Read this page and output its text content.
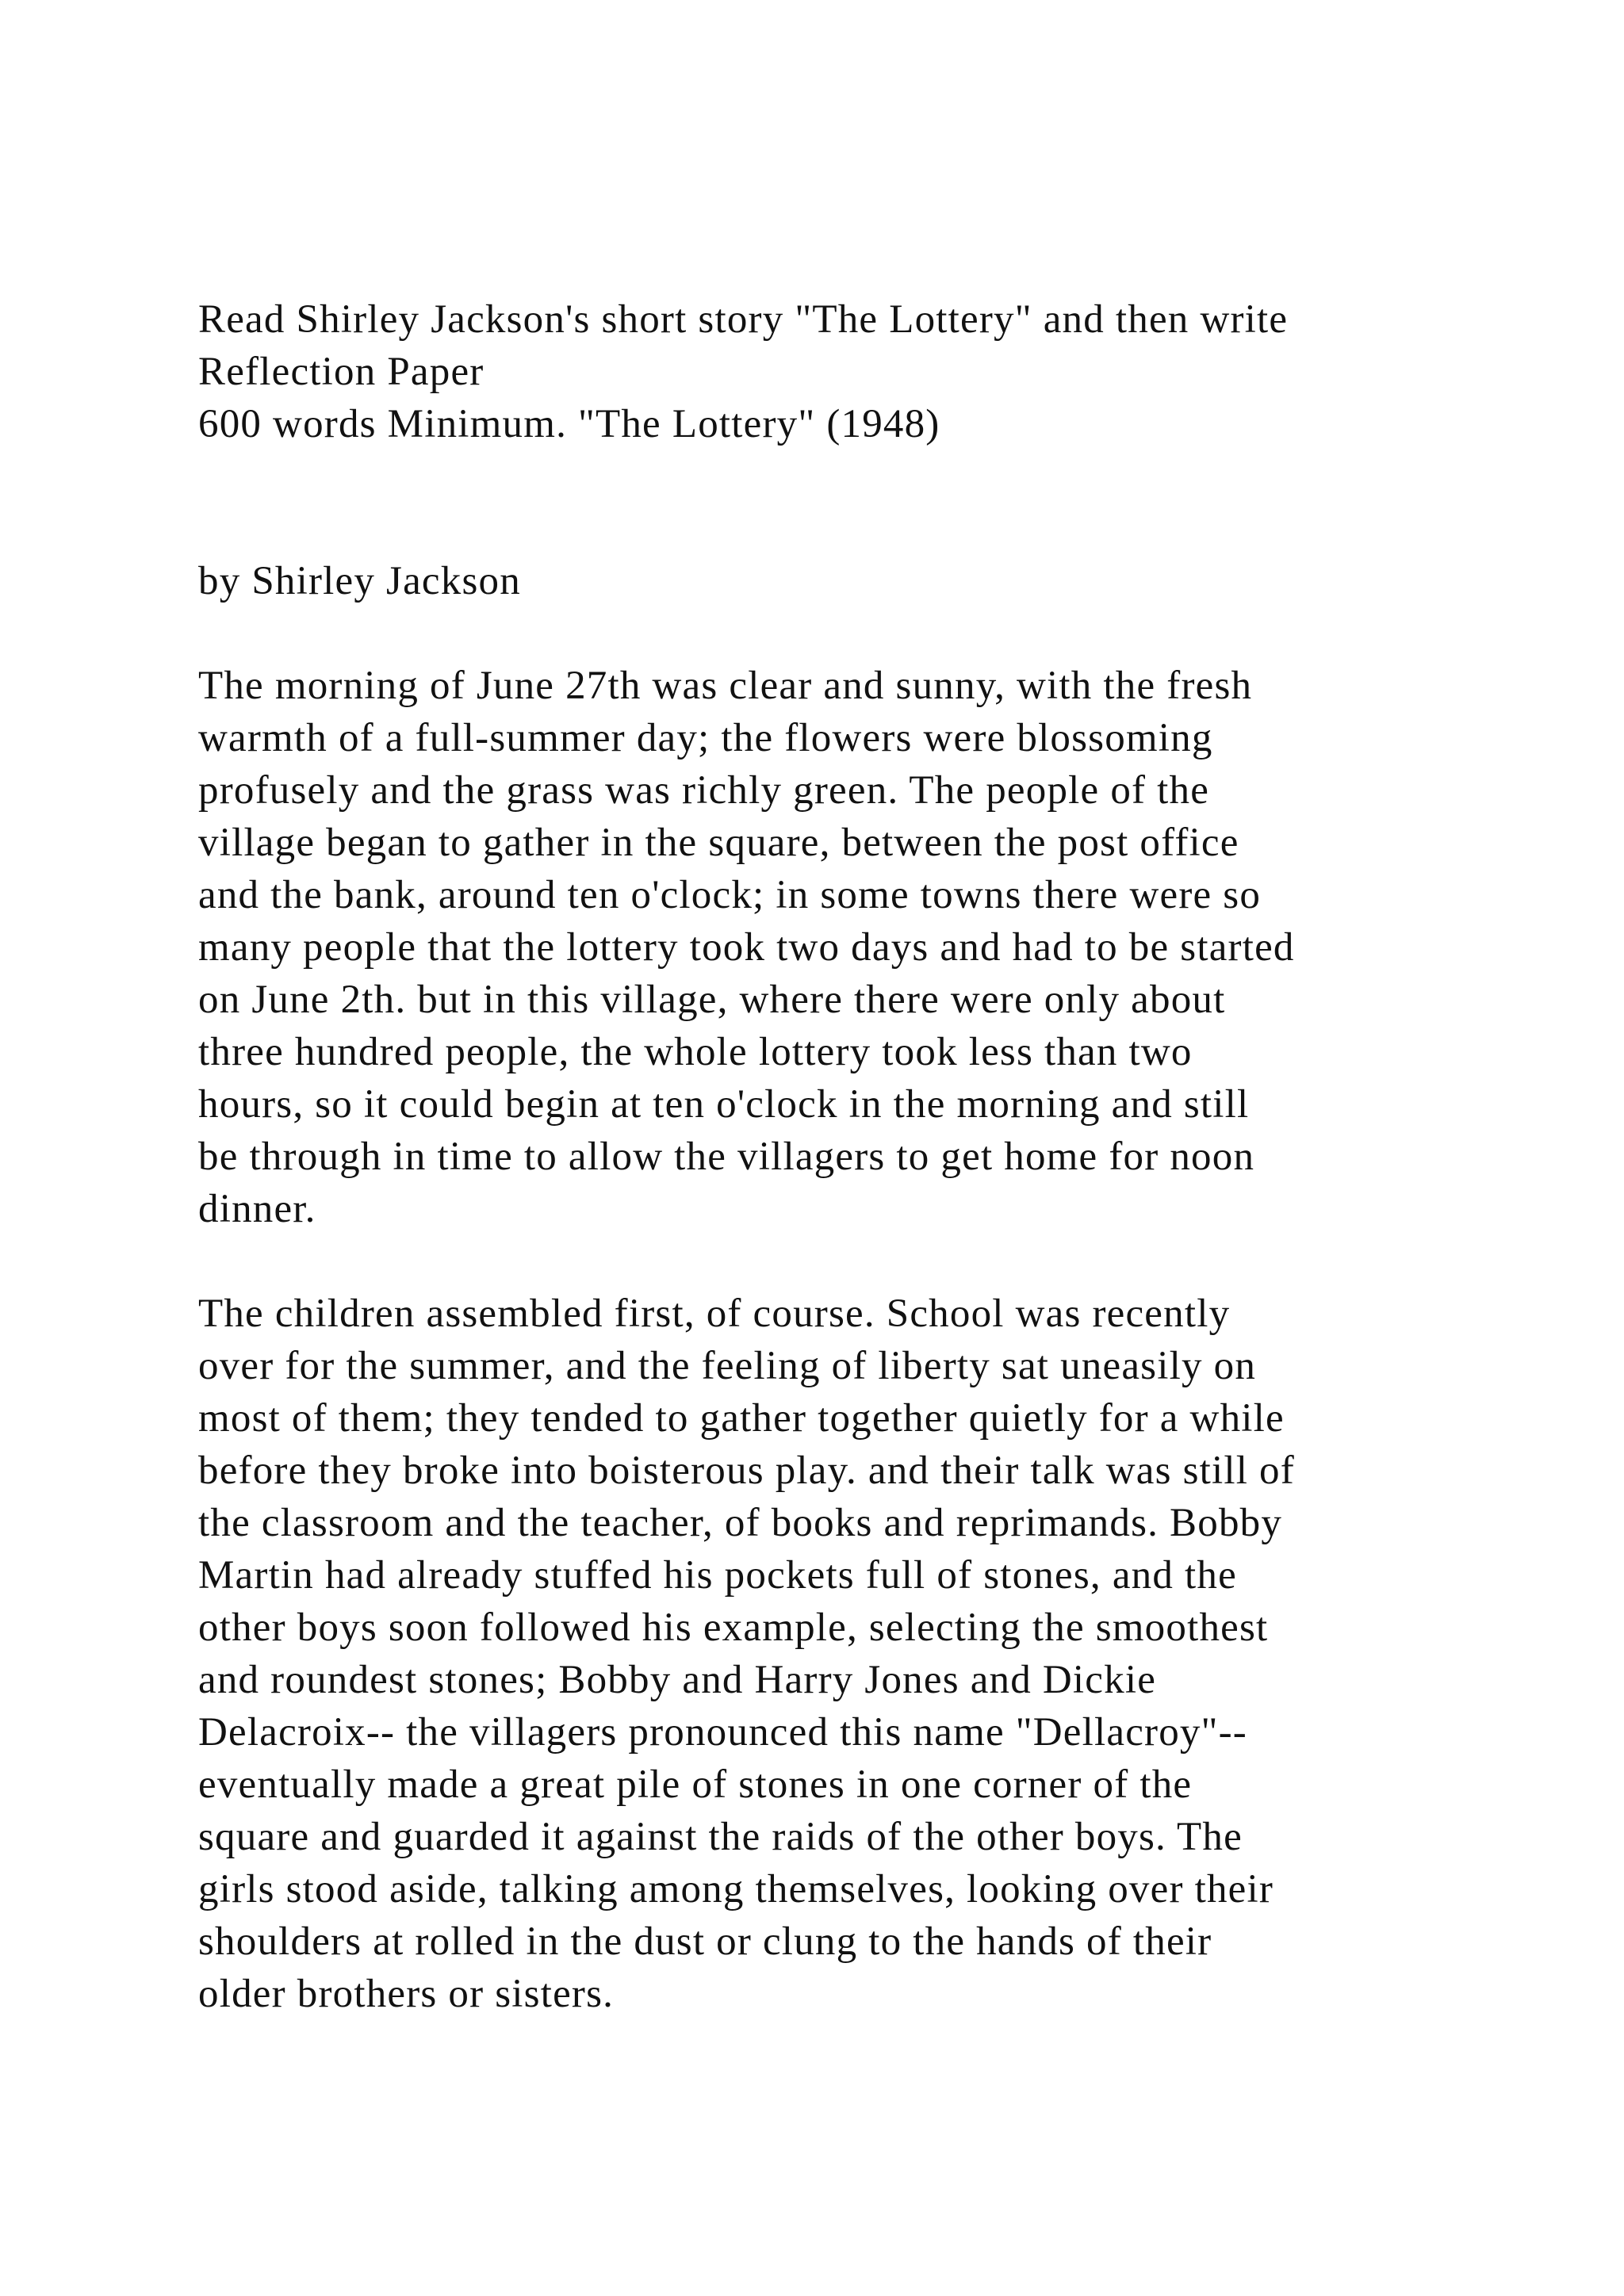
Read Shirley Jackson's short story "The Lottery" and then write
Reflection Paper
600 words Minimum. "The Lottery" (1948)
by Shirley Jackson
The morning of June 27th was clear and sunny, with the fresh
warmth of a full-summer day; the flowers were blossoming
profusely and the grass was richly green. The people of the
village began to gather in the square, between the post office
and the bank, around ten o'clock; in some towns there were so
many people that the lottery took two days and had to be started
on June 2th. but in this village, where there were only about
three hundred people, the whole lottery took less than two
hours, so it could begin at ten o'clock in the morning and still
be through in time to allow the villagers to get home for noon
dinner.
The children assembled first, of course. School was recently
over for the summer, and the feeling of liberty sat uneasily on
most of them; they tended to gather together quietly for a while
before they broke into boisterous play. and their talk was still of
the classroom and the teacher, of books and reprimands. Bobby
Martin had already stuffed his pockets full of stones, and the
other boys soon followed his example, selecting the smoothest
and roundest stones; Bobby and Harry Jones and Dickie
Delacroix-- the villagers pronounced this name "Dellacroy"--
eventually made a great pile of stones in one corner of the
square and guarded it against the raids of the other boys. The
girls stood aside, talking among themselves, looking over their
shoulders at rolled in the dust or clung to the hands of their
older brothers or sisters.
